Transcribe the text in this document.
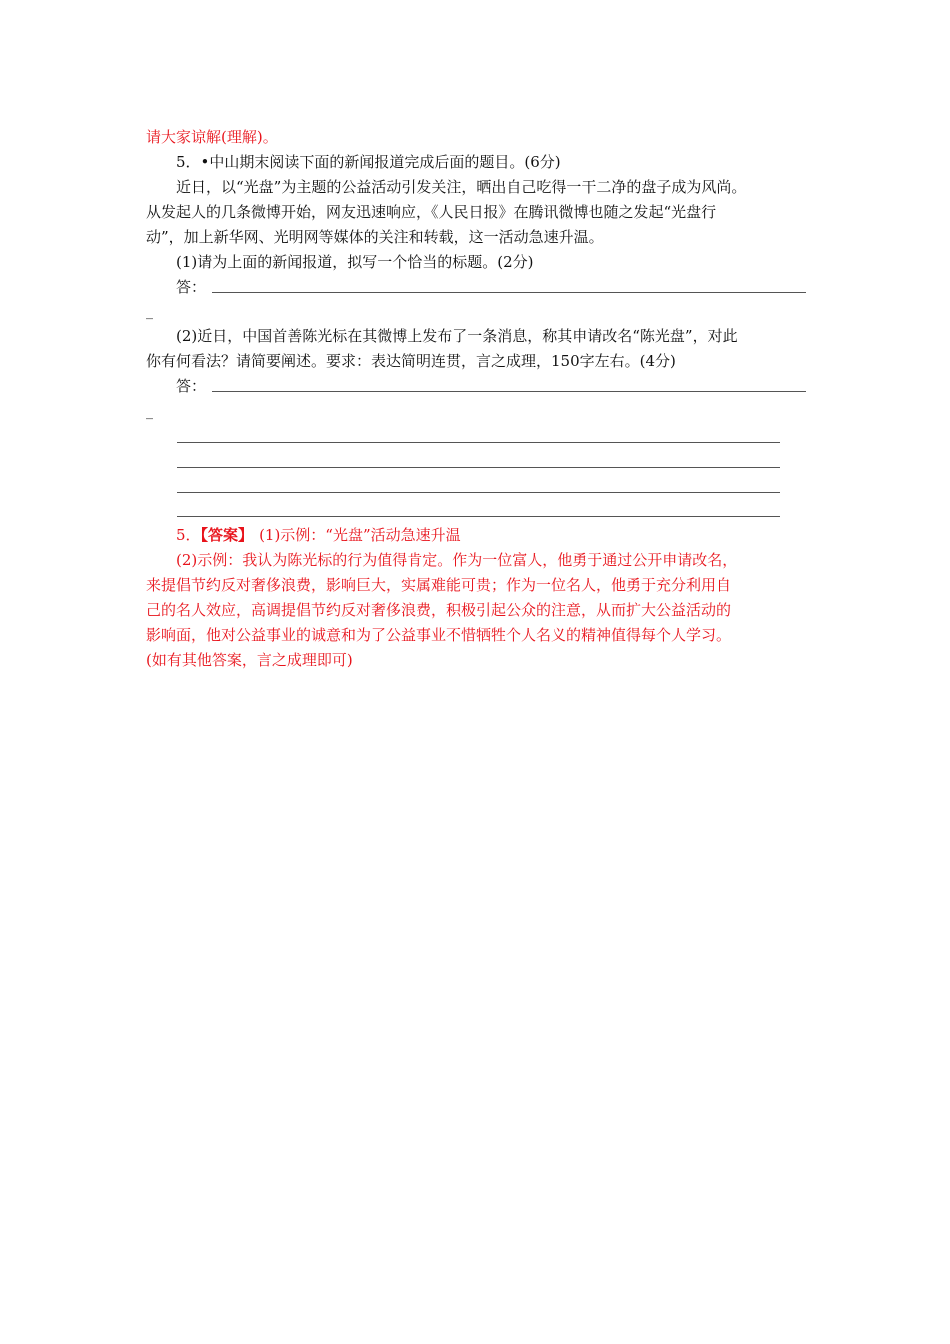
请大家谅解(理解)。
5．•中山期末阅读下面的新闻报道完成后面的题目。(6分)
近日，以“光盘”为主题的公益活动引发关注，晒出自己吃得一干二净的盘子成为风尚。
从发起人的几条微博开始，网友迅速响应，《人民日报》在腾讯微博也随之发起“光盘行
动”，加上新华网、光明网等媒体的关注和转载，这一活动急速升温。
(1)请为上面的新闻报道，拟写一个恰当的标题。(2分)
答：
_
(2)近日，中国首善陈光标在其微博上发布了一条消息，称其申请改名“陈光盘”，对此
你有何看法？请简要阐述。要求：表达简明连贯，言之成理，150字左右。(4分)
答：
_
5．【答案】 (1)示例：“光盘”活动急速升温
(2)示例：我认为陈光标的行为值得肯定。作为一位富人，他勇于通过公开申请改名，
来提倡节约反对奢侈浪费，影响巨大，实属难能可贵；作为一位名人，他勇于充分利用自
己的名人效应，高调提倡节约反对奢侈浪费，积极引起公众的注意，从而扩大公益活动的
影响面，他对公益事业的诚意和为了公益事业不惜牺牲个人名义的精神值得每个人学习。
(如有其他答案，言之成理即可)
